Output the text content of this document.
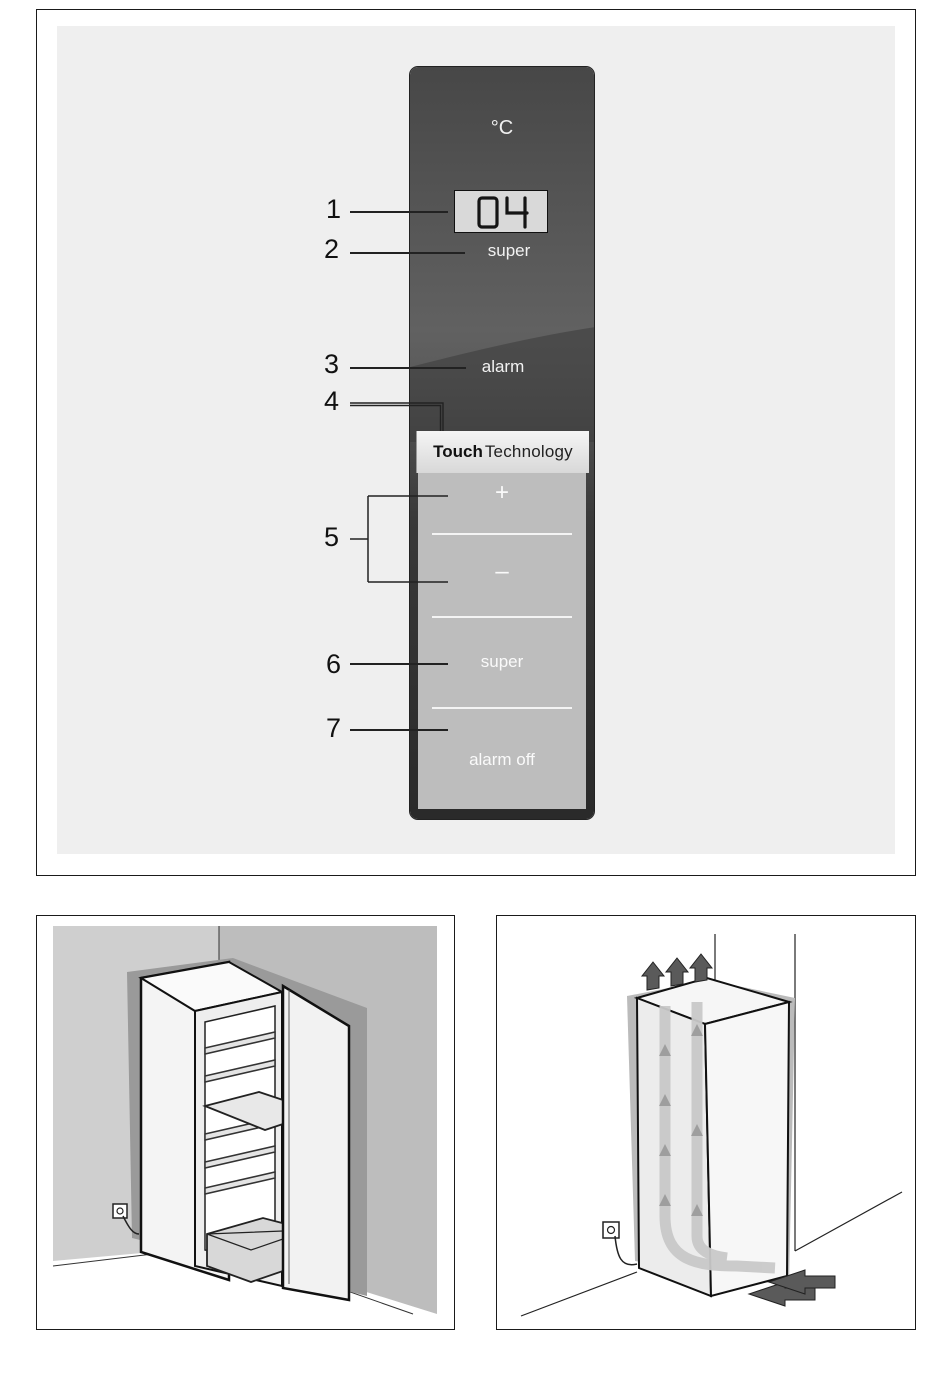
°C
super
alarm
Touch Technology
+
–
super
alarm off
1
2
3
4
5
6
7
